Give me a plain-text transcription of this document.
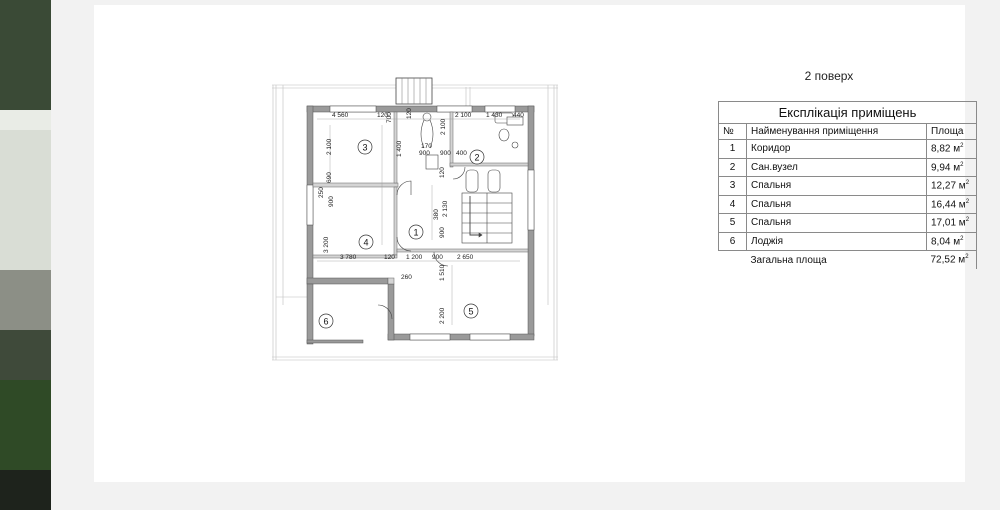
1
2
3
4
5
6
4 560	120	2 100 1 430 440
170
900 900 400
3 780	120 1 200 900 2 650
260
700 120
2 100	1 400
2 100
690
250
900
120
380 2 130
3 200
900
1 510
2 200
2 поверх
Експлікація приміщень		
№	Найменування приміщення	Площа
1	Коридор	8,82 $м^2$
2	Сан.вузел	9,94 $м^2$
3	Спальня	12,27 $м^2$
4	Спальня	16,44 $м^2$
5	Спальня	17,01 $м^2$
6	Лоджія	8,04 $м^2$
	Загальна площа	72,52 $м^2$
